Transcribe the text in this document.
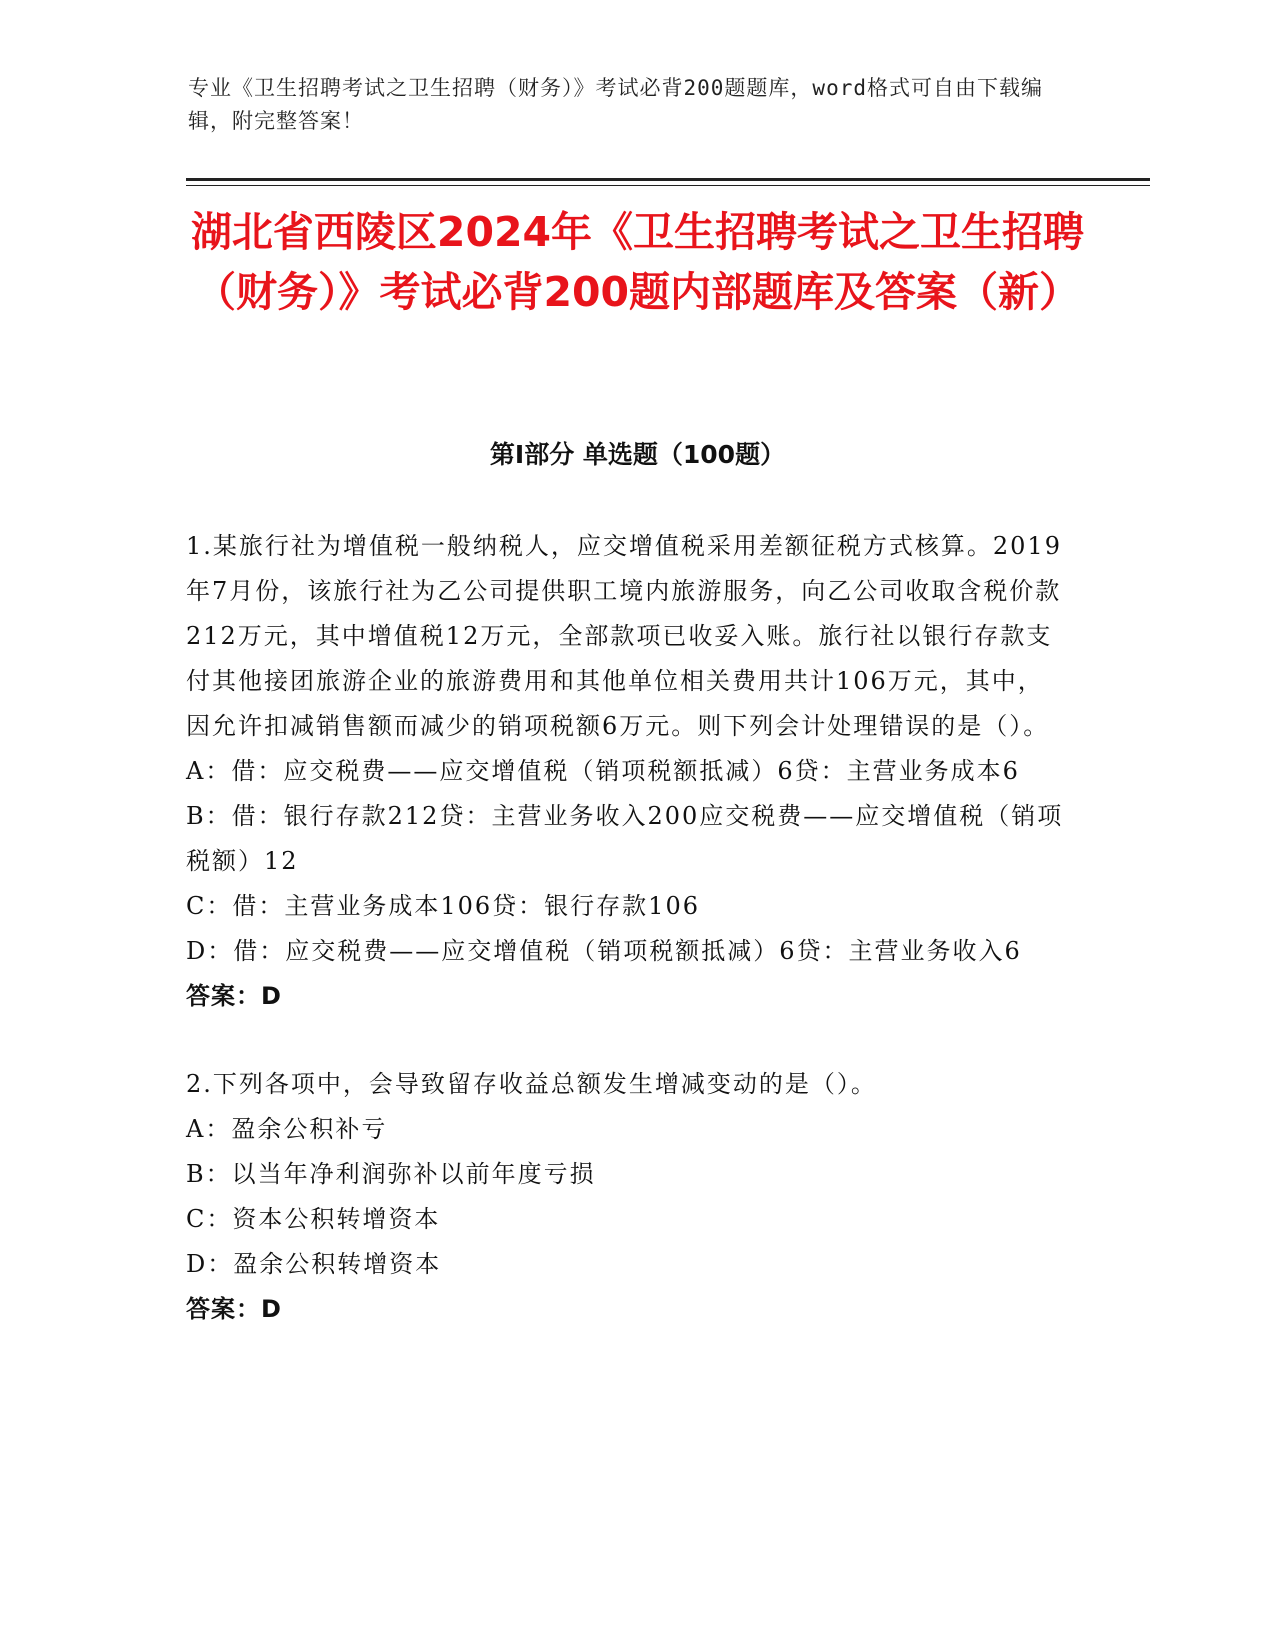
专业《卫生招聘考试之卫生招聘（财务）》考试必背200题题库，word格式可自由下载编辑，附完整答案！
湖北省西陵区2024年《卫生招聘考试之卫生招聘（财务）》考试必背200题内部题库及答案（新）
第I部分 单选题（100题）

1.某旅行社为增值税一般纳税人，应交增值税采用差额征税方式核算。2019年7月份，该旅行社为乙公司提供职工境内旅游服务，向乙公司收取含税价款212万元，其中增值税12万元，全部款项已收妥入账。旅行社以银行存款支付其他接团旅游企业的旅游费用和其他单位相关费用共计106万元，其中，因允许扣减销售额而减少的销项税额6万元。则下列会计处理错误的是（）。

A：借：应交税费——应交增值税（销项税额抵减）6贷：主营业务成本6

B：借：银行存款212贷：主营业务收入200应交税费——应交增值税（销项税额）12

C：借：主营业务成本106贷：银行存款106

D：借：应交税费——应交增值税（销项税额抵减）6贷：主营业务收入6

答案：D

2.下列各项中，会导致留存收益总额发生增减变动的是（）。

A：盈余公积补亏

B：以当年净利润弥补以前年度亏损

C：资本公积转增资本

D：盈余公积转增资本

答案：D
